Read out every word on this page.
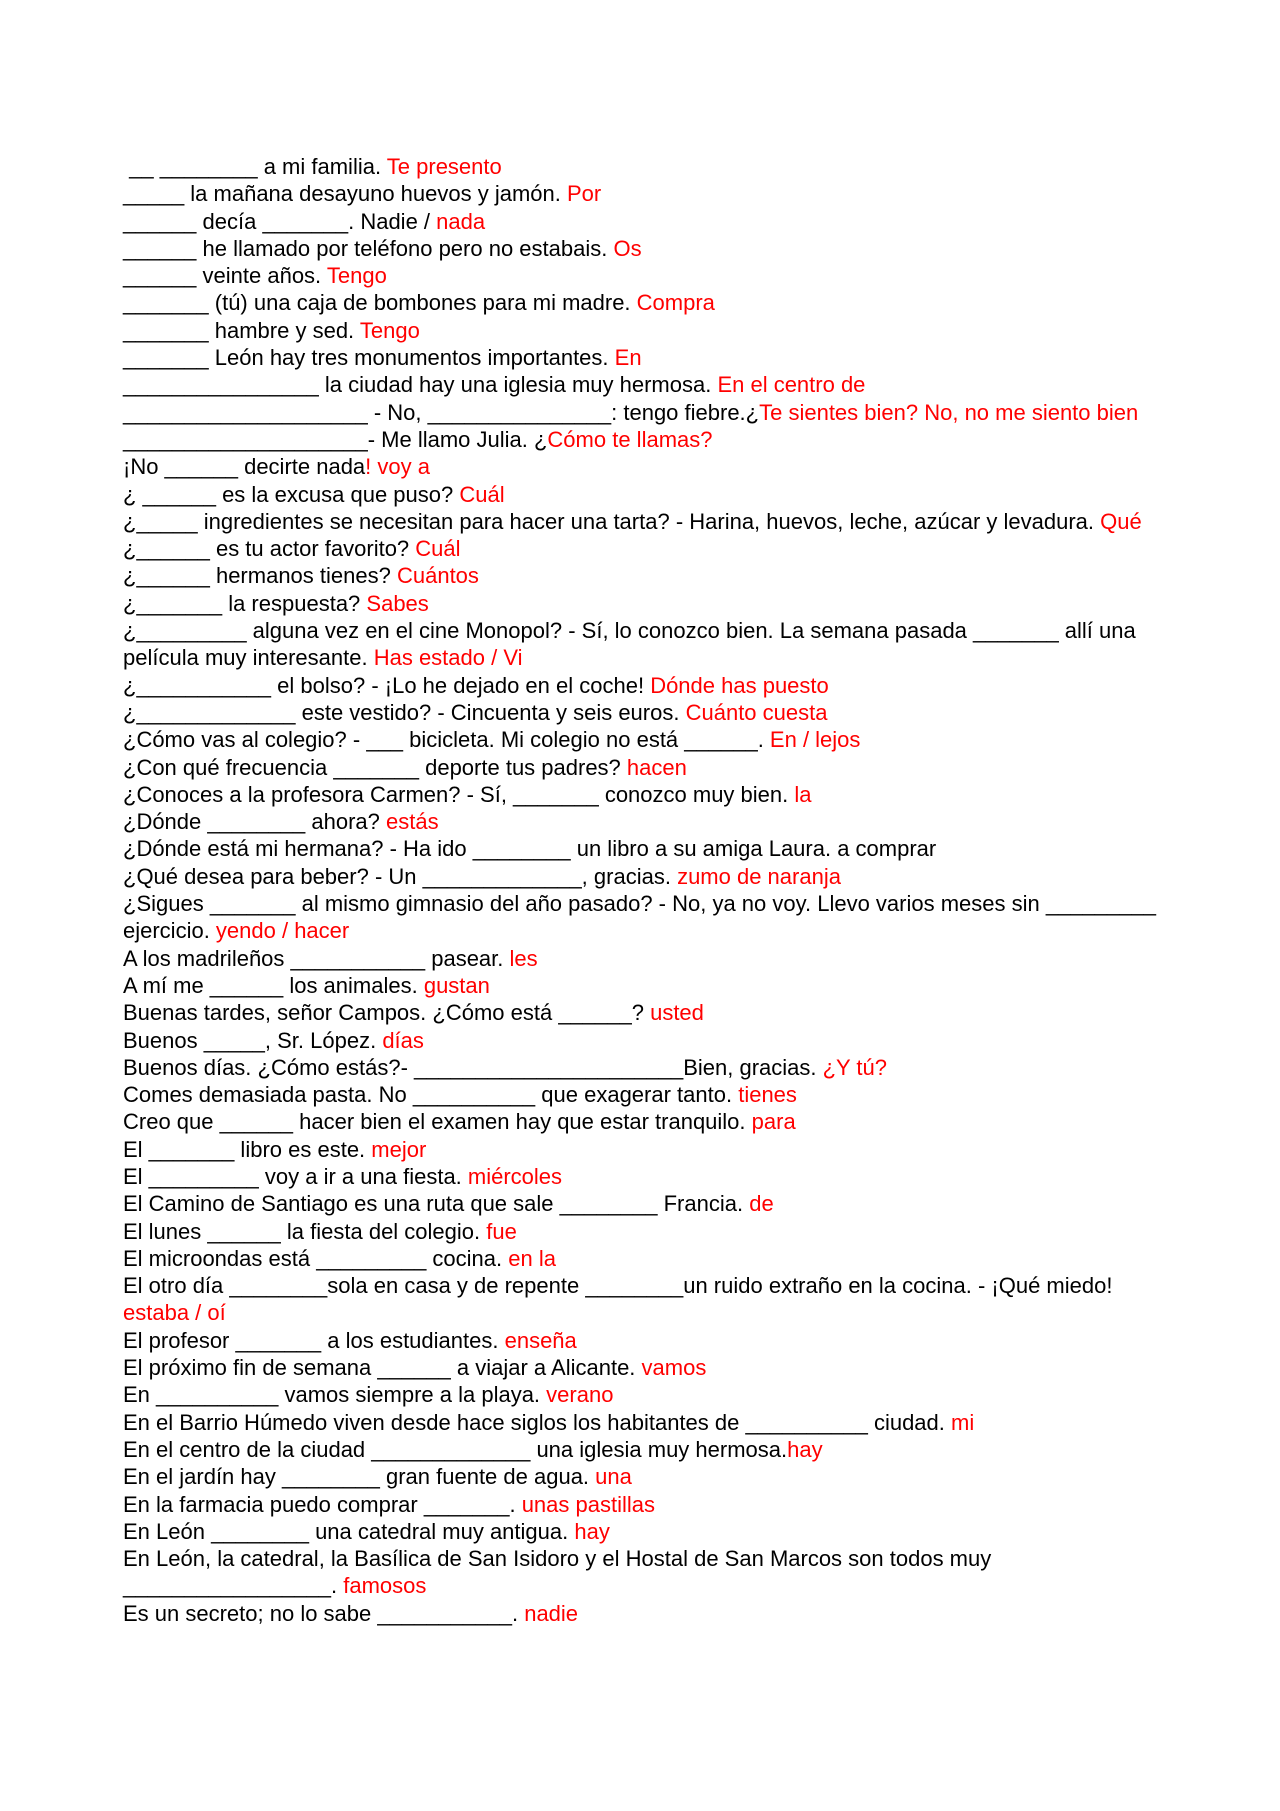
__ ________ a mi familia. Te presento

_____ la mañana desayuno huevos y jamón. Por

______ decía _______. Nadie / nada

______ he llamado por teléfono pero no estabais. Os

______ veinte años. Tengo

_______ (tú) una caja de bombones para mi madre. Compra

_______ hambre y sed. Tengo

_______ León hay tres monumentos importantes. En

________________ la ciudad hay una iglesia muy hermosa. En el centro de

____________________ - No, _______________: tengo fiebre.¿Te sientes bien? No, no me siento bien

____________________- Me llamo Julia. ¿Cómo te llamas?

¡No ______ decirte nada! voy a

¿ ______ es la excusa que puso? Cuál

¿_____ ingredientes se necesitan para hacer una tarta? - Harina, huevos, leche, azúcar y levadura. Qué

¿______ es tu actor favorito? Cuál

¿______ hermanos tienes? Cuántos

¿_______ la respuesta? Sabes

¿_________ alguna vez en el cine Monopol? - Sí, lo conozco bien. La semana pasada _______ allí una película muy interesante. Has estado / Vi

¿___________ el bolso? - ¡Lo he dejado en el coche! Dónde has puesto

¿_____________ este vestido? - Cincuenta y seis euros. Cuánto cuesta

¿Cómo vas al colegio? - ___ bicicleta. Mi colegio no está ______. En / lejos

¿Con qué frecuencia _______ deporte tus padres? hacen

¿Conoces a la profesora Carmen? - Sí, _______ conozco muy bien. la

¿Dónde ________ ahora? estás

¿Dónde está mi hermana? - Ha ido ________ un libro a su amiga Laura. a comprar

¿Qué desea para beber? - Un _____________, gracias. zumo de naranja

¿Sigues _______ al mismo gimnasio del año pasado? - No, ya no voy. Llevo varios meses sin _________ ejercicio. yendo / hacer

A los madrileños ___________ pasear. les

A mí me ______ los animales. gustan

Buenas tardes, señor Campos. ¿Cómo está ______? usted

Buenos _____, Sr. López. días

Buenos días. ¿Cómo estás?- ______________________Bien, gracias. ¿Y tú?

Comes demasiada pasta. No __________ que exagerar tanto. tienes

Creo que ______ hacer bien el examen hay que estar tranquilo. para

El _______ libro es este. mejor

El _________ voy a ir a una fiesta. miércoles

El Camino de Santiago es una ruta que sale ________ Francia. de

El lunes ______ la fiesta del colegio. fue

El microondas está _________ cocina. en la

El otro día ________sola en casa y de repente ________un ruido extraño en la cocina. - ¡Qué miedo! estaba / oí

El profesor _______ a los estudiantes. enseña

El próximo fin de semana ______ a viajar a Alicante. vamos

En __________ vamos siempre a la playa. verano

En el Barrio Húmedo viven desde hace siglos los habitantes de __________ ciudad. mi

En el centro de la ciudad _____________ una iglesia muy hermosa.hay

En el jardín hay ________ gran fuente de agua. una

En la farmacia puedo comprar _______. unas pastillas

En León ________ una catedral muy antigua. hay

En León, la catedral, la Basílica de San Isidoro y el Hostal de San Marcos son todos muy _________________. famosos

Es un secreto; no lo sabe ___________. nadie
